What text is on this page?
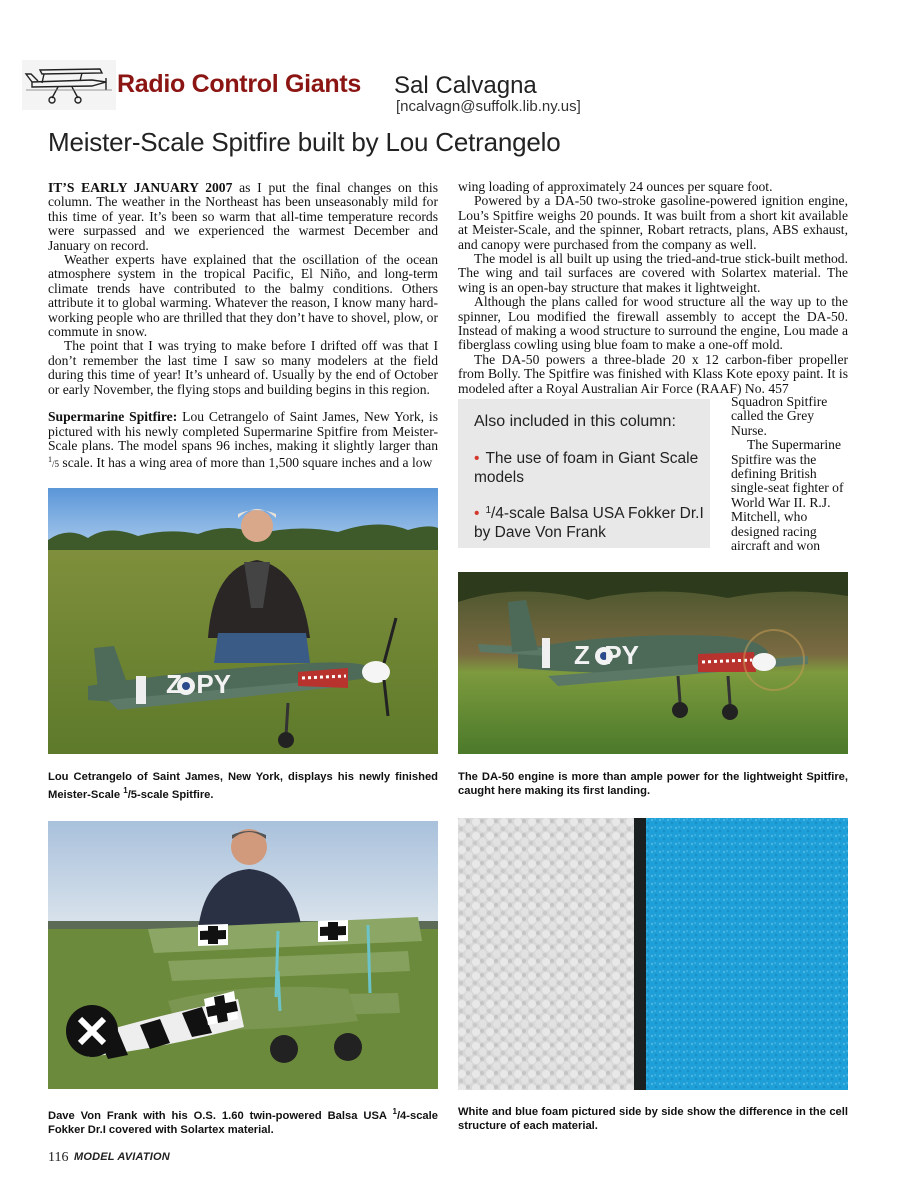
Radio Control Giants Sal Calvagna
[ncalvagn@suffolk.lib.ny.us]
Meister-Scale Spitfire built by Lou Cetrangelo

IT’S EARLY JANUARY 2007 as I put the final changes on this column. The weather in the Northeast has been unseasonably mild for this time of year. It’s been so warm that all-time temperature records were surpassed and we experienced the warmest December and January on record.

Weather experts have explained that the oscillation of the ocean atmosphere system in the tropical Pacific, El Niño, and long-term climate trends have contributed to the balmy conditions. Others attribute it to global warming. Whatever the reason, I know many hard-working people who are thrilled that they don’t have to shovel, plow, or commute in snow.

The point that I was trying to make before I drifted off was that I don’t remember the last time I saw so many modelers at the field during this time of year! It’s unheard of. Usually by the end of October or early November, the flying stops and building begins in this region.

Supermarine Spitfire: Lou Cetrangelo of Saint James, New York, is pictured with his newly completed Supermarine Spitfire from Meister-Scale plans. The model spans 96 inches, making it slightly larger than $^1$/5 scale. It has a wing area of more than 1,500 square inches and a low

wing loading of approximately 24 ounces per square foot.

Powered by a DA-50 two-stroke gasoline-powered ignition engine, Lou’s Spitfire weighs 20 pounds. It was built from a short kit available at Meister-Scale, and the spinner, Robart retracts, plans, ABS exhaust, and canopy were purchased from the company as well.

The model is all built up using the tried-and-true stick-built method. The wing and tail surfaces are covered with Solartex material. The wing is an open-bay structure that makes it lightweight.

Although the plans called for wood structure all the way up to the spinner, Lou modified the firewall assembly to accept the DA-50. Instead of making a wood structure to surround the engine, Lou made a fiberglass cowling using blue foam to make a one-off mold.

The DA-50 powers a three-blade 20 x 12 carbon-fiber propeller from Bolly. The Spitfire was finished with Klass Kote epoxy paint. It is modeled after a Royal Australian Air Force (RAAF) No. 457

Squadron Spitfire called the Grey Nurse.

The Supermarine Spitfire was the defining British single-seat fighter of World War II. R.J. Mitchell, who designed racing aircraft and won

Also included in this column:
• The use of foam in Giant Scale models
• $^1$/4-scale Balsa USA Fokker Dr.I by Dave Von Frank
Z  PY
Z  PY
Lou Cetrangelo of Saint James, New York, displays his newly finished Meister-Scale $^1$/5-scale Spitfire.
The DA-50 engine is more than ample power for the lightweight Spitfire, caught here making its first landing.
Dave Von Frank with his O.S. 1.60 twin-powered Balsa USA $^1$/4-scale Fokker Dr.I covered with Solartex material.
White and blue foam pictured side by side show the difference in the cell structure of each material.
116 MODEL AVIATION
